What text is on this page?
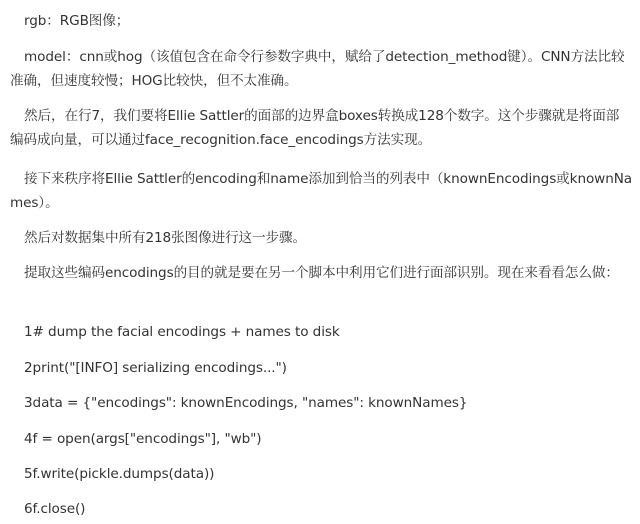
rgb：RGB图像；
model：cnn或hog（该值包含在命令行参数字典中，赋给了detection_method键）。CNN方法比较准确，但速度较慢；HOG比较快，但不太准确。
然后，在行7，我们要将Ellie Sattler的面部的边界盒boxes转换成128个数字。这个步骤就是将面部编码成向量，可以通过face_recognition.face_encodings方法实现。
接下来秩序将Ellie Sattler的encoding和name添加到恰当的列表中（knownEncodings或knownNames）。
然后对数据集中所有218张图像进行这一步骤。
提取这些编码encodings的目的就是要在另一个脚本中利用它们进行面部识别。现在来看看怎么做：
1# dump the facial encodings + names to disk
2print("[INFO] serializing encodings...")
3data = {"encodings": knownEncodings, "names": knownNames}
4f = open(args["encodings"], "wb")
5f.write(pickle.dumps(data))
6f.close()
